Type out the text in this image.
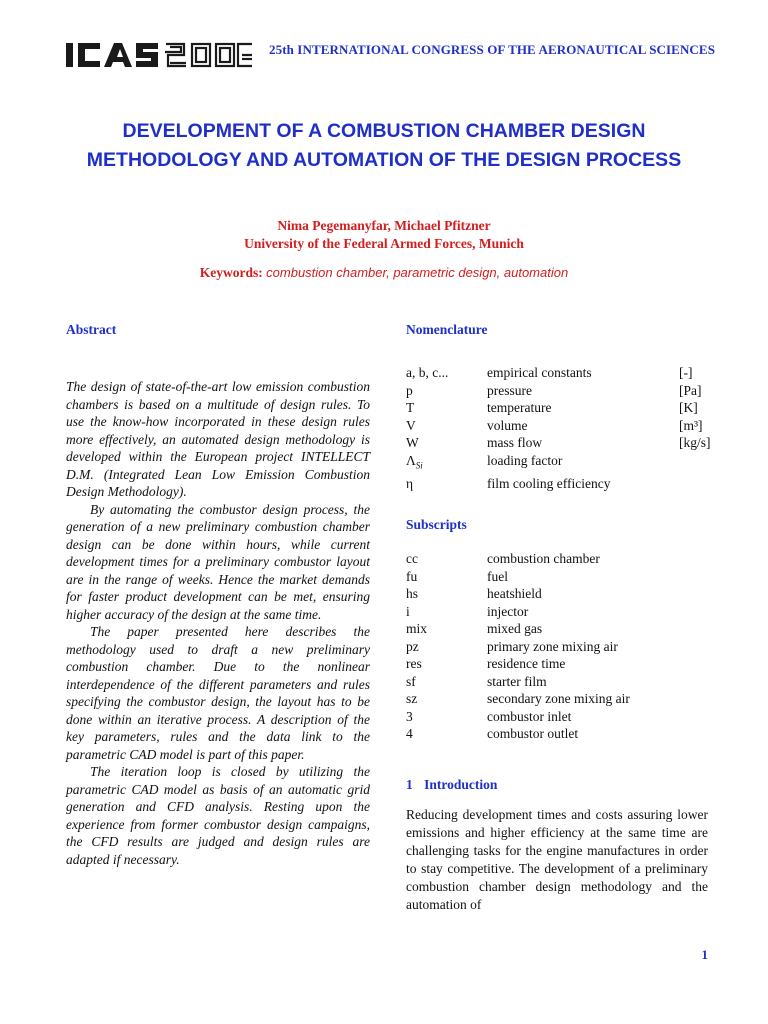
25th INTERNATIONAL CONGRESS OF THE AERONAUTICAL SCIENCES
DEVELOPMENT OF A COMBUSTION CHAMBER DESIGN METHODOLOGY AND AUTOMATION OF THE DESIGN PROCESS
Nima Pegemanyfar, Michael Pfitzner
University of the Federal Armed Forces, Munich
Keywords: combustion chamber, parametric design, automation
Abstract

The design of state-of-the-art low emission combustion chambers is based on a multitude of design rules. To use the know-how incorporated in these design rules more effectively, an automated design methodology is developed within the European project INTELLECT D.M. (Integrated Lean Low Emission Combustion Design Methodology).

By automating the combustor design process, the generation of a new preliminary combustion chamber design can be done within hours, while current development times for a preliminary combustor layout are in the range of weeks. Hence the market demands for faster product development can be met, ensuring higher accuracy of the design at the same time.

The paper presented here describes the methodology used to draft a new preliminary combustion chamber. Due to the nonlinear interdependence of the different parameters and rules specifying the combustor design, the layout has to be done within an iterative process. A description of the key parameters, rules and the data link to the parametric CAD model is part of this paper.

The iteration loop is closed by utilizing the parametric CAD model as basis of an automatic grid generation and CFD analysis. Resting upon the experience from former combustor design campaigns, the CFD results are judged and design rules are adapted if necessary.

Nomenclature
a, b, c...	empirical constants	[-]
p	pressure	[Pa]
T	temperature	[K]
V	volume	[m³]
W	mass flow	[kg/s]
$\Lambda_{Si}$	loading factor	
η	film cooling efficiency	
Subscripts
cc	combustion chamber
fu	fuel
hs	heatshield
i	injector
mix	mixed gas
pz	primary zone mixing air
res	residence time
sf	starter film
sz	secondary zone mixing air
3	combustor inlet
4	combustor outlet
1 Introduction

Reducing development times and costs assuring lower emissions and higher efficiency at the same time are challenging tasks for the engine manufactures in order to stay competitive. The development of a preliminary combustion chamber design methodology and the automation of

1
